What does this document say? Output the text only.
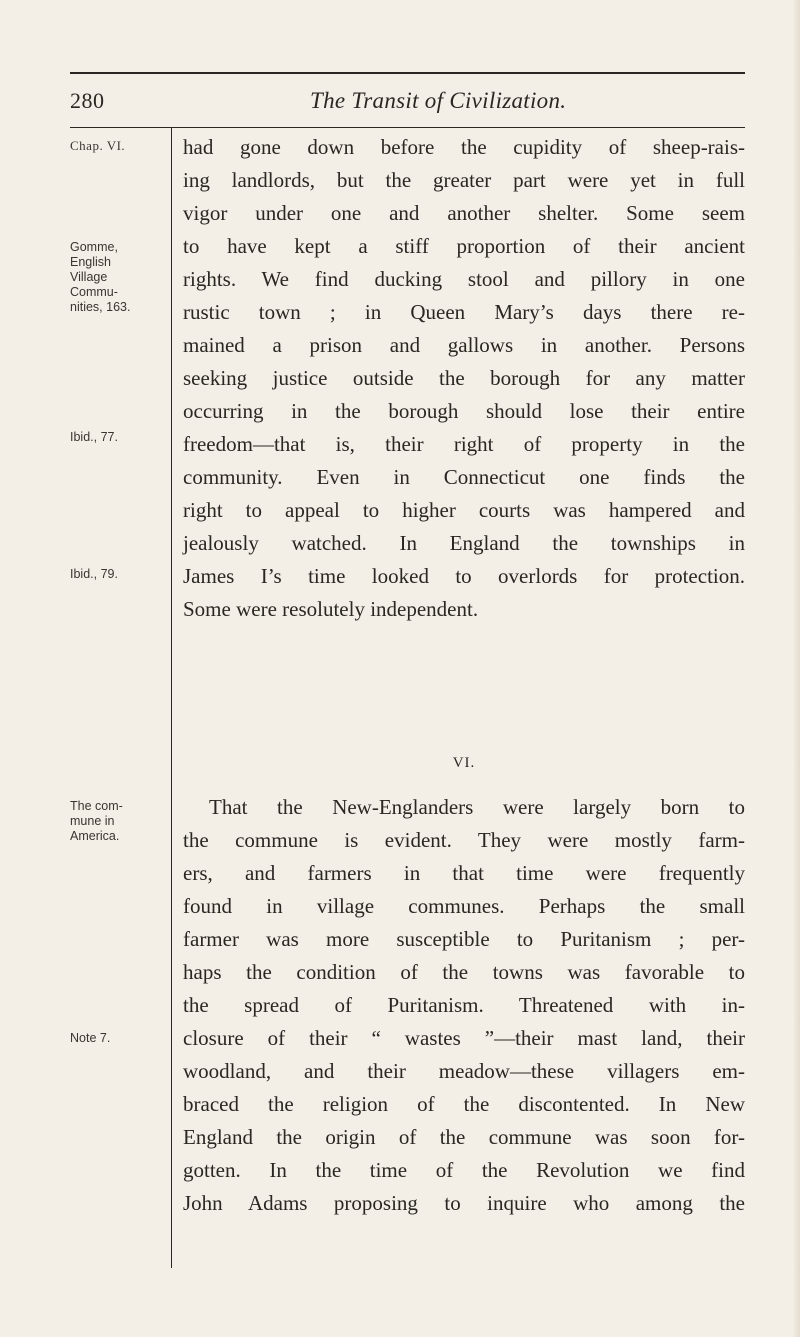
280	The Transit of Civilization.
Chap. VI.
Gomme,
English
Village
Commu-
nities, 163.
Ibid., 77.
Ibid., 79.
The com-
mune in
America.
Note 7.
had gone down before the cupidity of sheep-rais-
ing landlords, but the greater part were yet in full
vigor under one and another shelter. Some seem
to have kept a stiff proportion of their ancient
rights. We find ducking stool and pillory in one
rustic town ; in Queen Mary’s days there re-
mained a prison and gallows in another. Persons
seeking justice outside the borough for any matter
occurring in the borough should lose their entire
freedom—that is, their right of property in the
community. Even in Connecticut one finds the
right to appeal to higher courts was hampered and
jealously watched. In England the townships in
James I’s time looked to overlords for protection.
Some were resolutely independent.
VI.
That the New-Englanders were largely born to
the commune is evident. They were mostly farm-
ers, and farmers in that time were frequently
found in village communes. Perhaps the small
farmer was more susceptible to Puritanism ; per-
haps the condition of the towns was favorable to
the spread of Puritanism. Threatened with in-
closure of their “ wastes ”—their mast land, their
woodland, and their meadow—these villagers em-
braced the religion of the discontented. In New
England the origin of the commune was soon for-
gotten. In the time of the Revolution we find
John Adams proposing to inquire who among the
